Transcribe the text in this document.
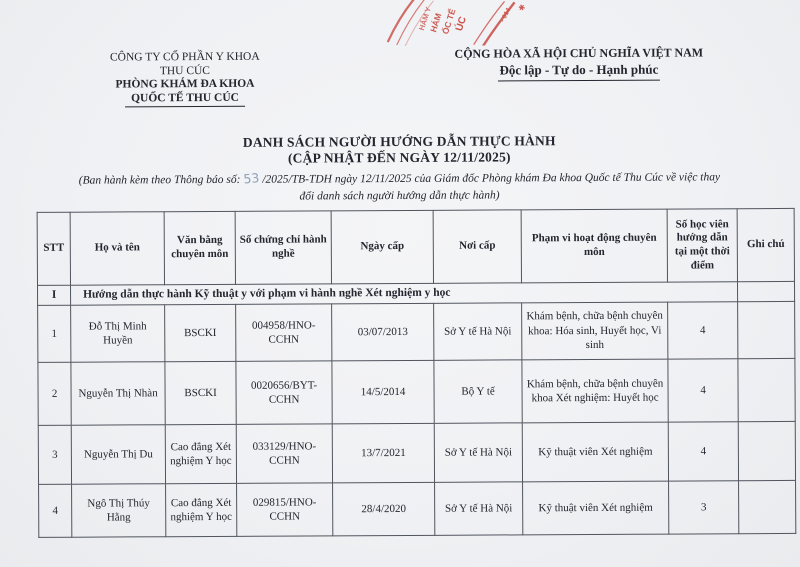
HẨM Y
HÁM
ỐC TẾ
ÚC
- 014 ✱
CÔNG TY CỔ PHẦN Y KHOA
THU CÚC
PHÒNG KHÁM ĐA KHOA
QUỐC TẾ THU CÚC
CỘNG HÒA XÃ HỘI CHỦ NGHĨA VIỆT NAM
Độc lập - Tự do - Hạnh phúc
DANH SÁCH NGƯỜI HƯỚNG DẪN THỰC HÀNH
(CẬP NHẬT ĐẾN NGÀY 12/11/2025)
(Ban hành kèm theo Thông báo số: 53 /2025/TB-TDH ngày 12/11/2025 của Giám đốc Phòng khám Đa khoa Quốc tế Thu Cúc về việc thay
đổi danh sách người hướng dẫn thực hành)
STT	Họ và tên	Văn bằng chuyên môn	Số chứng chỉ hành nghề	Ngày cấp	Nơi cấp	Phạm vi hoạt động chuyên môn	Số học viên hướng dẫn tại một thời điểm	Ghi chú
I	Hướng dẫn thực hành Kỹ thuật y với phạm vi hành nghề Xét nghiệm y học							
1	Đỗ Thị Minh Huyền	BSCKI	004958/HNO-CCHN	03/07/2013	Sở Y tế Hà Nội	Khám bệnh, chữa bệnh chuyên khoa: Hóa sinh, Huyết học, Vi sinh	4	
2	Nguyễn Thị Nhàn	BSCKI	0020656/BYT-CCHN	14/5/2014	Bộ Y tế	Khám bệnh, chữa bệnh chuyên khoa Xét nghiệm: Huyết học	4	
3	Nguyễn Thị Du	Cao đẳng Xét nghiệm Y học	033129/HNO-CCHN	13/7/2021	Sở Y tế Hà Nội	Kỹ thuật viên Xét nghiệm	4	
4	Ngô Thị Thúy Hằng	Cao đẳng Xét nghiệm Y học	029815/HNO-CCHN	28/4/2020	Sở Y tế Hà Nội	Kỹ thuật viên Xét nghiệm	3	
